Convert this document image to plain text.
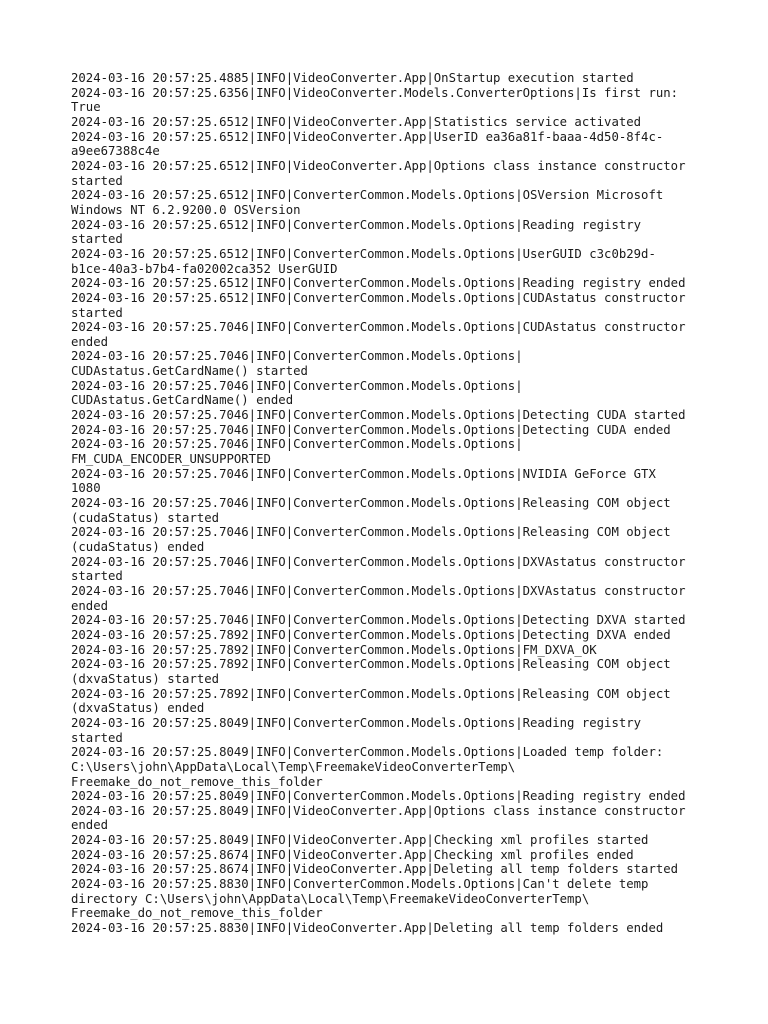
2024-03-16 20:57:25.4885|INFO|VideoConverter.App|OnStartup execution started
2024-03-16 20:57:25.6356|INFO|VideoConverter.Models.ConverterOptions|Is first run:
True
2024-03-16 20:57:25.6512|INFO|VideoConverter.App|Statistics service activated
2024-03-16 20:57:25.6512|INFO|VideoConverter.App|UserID ea36a81f-baaa-4d50-8f4c-
a9ee67388c4e
2024-03-16 20:57:25.6512|INFO|VideoConverter.App|Options class instance constructor
started
2024-03-16 20:57:25.6512|INFO|ConverterCommon.Models.Options|OSVersion Microsoft
Windows NT 6.2.9200.0 OSVersion
2024-03-16 20:57:25.6512|INFO|ConverterCommon.Models.Options|Reading registry
started
2024-03-16 20:57:25.6512|INFO|ConverterCommon.Models.Options|UserGUID c3c0b29d-
b1ce-40a3-b7b4-fa02002ca352 UserGUID
2024-03-16 20:57:25.6512|INFO|ConverterCommon.Models.Options|Reading registry ended
2024-03-16 20:57:25.6512|INFO|ConverterCommon.Models.Options|CUDAstatus constructor
started
2024-03-16 20:57:25.7046|INFO|ConverterCommon.Models.Options|CUDAstatus constructor
ended
2024-03-16 20:57:25.7046|INFO|ConverterCommon.Models.Options|
CUDAstatus.GetCardName() started
2024-03-16 20:57:25.7046|INFO|ConverterCommon.Models.Options|
CUDAstatus.GetCardName() ended
2024-03-16 20:57:25.7046|INFO|ConverterCommon.Models.Options|Detecting CUDA started
2024-03-16 20:57:25.7046|INFO|ConverterCommon.Models.Options|Detecting CUDA ended
2024-03-16 20:57:25.7046|INFO|ConverterCommon.Models.Options|
FM_CUDA_ENCODER_UNSUPPORTED
2024-03-16 20:57:25.7046|INFO|ConverterCommon.Models.Options|NVIDIA GeForce GTX
1080
2024-03-16 20:57:25.7046|INFO|ConverterCommon.Models.Options|Releasing COM object
(cudaStatus) started
2024-03-16 20:57:25.7046|INFO|ConverterCommon.Models.Options|Releasing COM object
(cudaStatus) ended
2024-03-16 20:57:25.7046|INFO|ConverterCommon.Models.Options|DXVAstatus constructor
started
2024-03-16 20:57:25.7046|INFO|ConverterCommon.Models.Options|DXVAstatus constructor
ended
2024-03-16 20:57:25.7046|INFO|ConverterCommon.Models.Options|Detecting DXVA started
2024-03-16 20:57:25.7892|INFO|ConverterCommon.Models.Options|Detecting DXVA ended
2024-03-16 20:57:25.7892|INFO|ConverterCommon.Models.Options|FM_DXVA_OK
2024-03-16 20:57:25.7892|INFO|ConverterCommon.Models.Options|Releasing COM object
(dxvaStatus) started
2024-03-16 20:57:25.7892|INFO|ConverterCommon.Models.Options|Releasing COM object
(dxvaStatus) ended
2024-03-16 20:57:25.8049|INFO|ConverterCommon.Models.Options|Reading registry
started
2024-03-16 20:57:25.8049|INFO|ConverterCommon.Models.Options|Loaded temp folder:
C:\Users\john\AppData\Local\Temp\FreemakeVideoConverterTemp\
Freemake_do_not_remove_this_folder
2024-03-16 20:57:25.8049|INFO|ConverterCommon.Models.Options|Reading registry ended
2024-03-16 20:57:25.8049|INFO|VideoConverter.App|Options class instance constructor
ended
2024-03-16 20:57:25.8049|INFO|VideoConverter.App|Checking xml profiles started
2024-03-16 20:57:25.8674|INFO|VideoConverter.App|Checking xml profiles ended
2024-03-16 20:57:25.8674|INFO|VideoConverter.App|Deleting all temp folders started
2024-03-16 20:57:25.8830|INFO|ConverterCommon.Models.Options|Can't delete temp
directory C:\Users\john\AppData\Local\Temp\FreemakeVideoConverterTemp\
Freemake_do_not_remove_this_folder
2024-03-16 20:57:25.8830|INFO|VideoConverter.App|Deleting all temp folders ended
